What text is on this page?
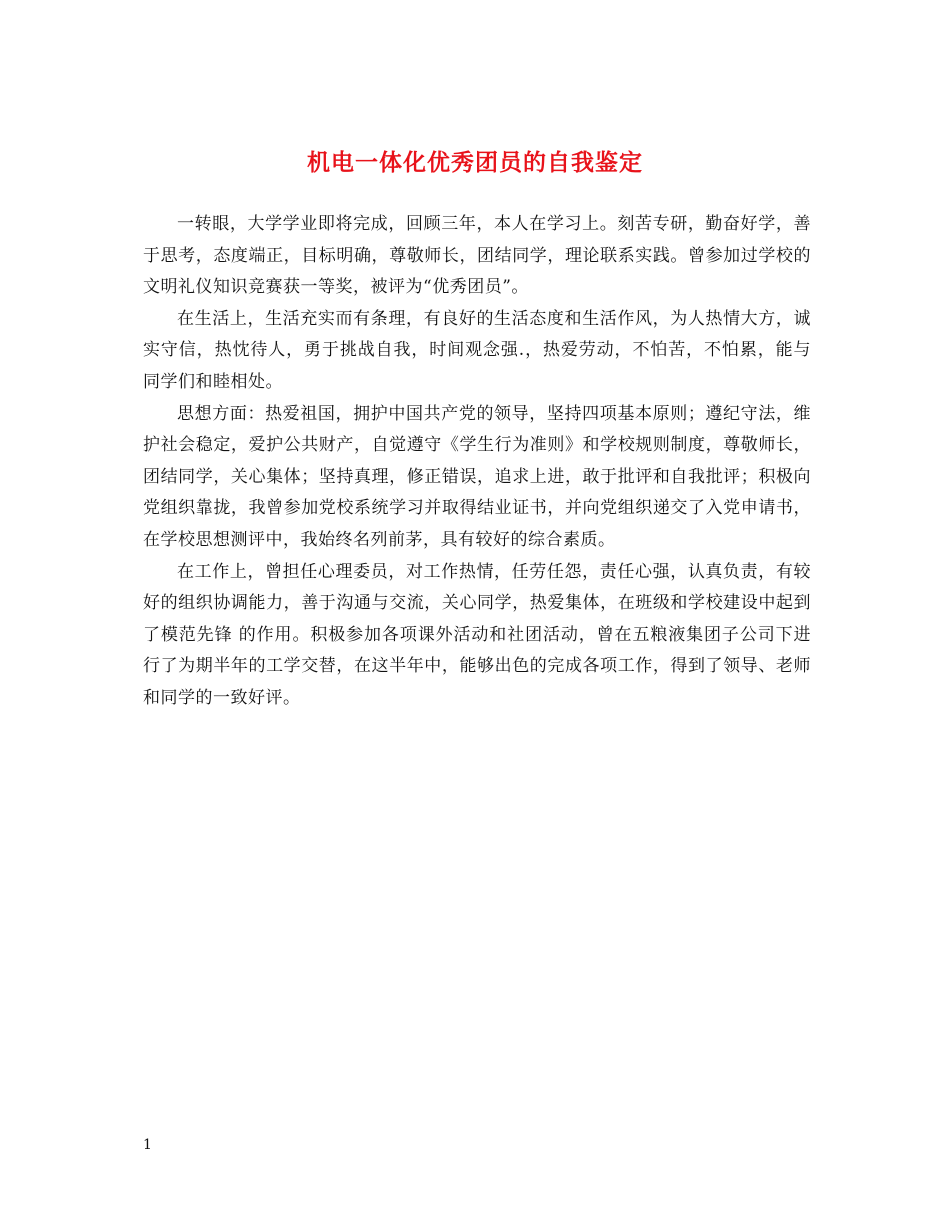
机电一体化优秀团员的自我鉴定

一转眼，大学学业即将完成，回顾三年，本人在学习上。刻苦专研，勤奋好学，善于思考，态度端正，目标明确，尊敬师长，团结同学，理论联系实践。曾参加过学校的文明礼仪知识竞赛获一等奖，被评为“优秀团员”。

在生活上，生活充实而有条理，有良好的生活态度和生活作风，为人热情大方，诚实守信，热忱待人，勇于挑战自我，时间观念强.，热爱劳动，不怕苦，不怕累，能与同学们和睦相处。

思想方面：热爱祖国，拥护中国共产党的领导，坚持四项基本原则；遵纪守法，维护社会稳定，爱护公共财产，自觉遵守《学生行为准则》和学校规则制度，尊敬师长，团结同学，关心集体；坚持真理，修正错误，追求上进，敢于批评和自我批评；积极向党组织靠拢，我曾参加党校系统学习并取得结业证书，并向党组织递交了入党申请书，在学校思想测评中，我始终名列前茅，具有较好的综合素质。

在工作上，曾担任心理委员，对工作热情，任劳任怨，责任心强，认真负责，有较好的组织协调能力，善于沟通与交流，关心同学，热爱集体，在班级和学校建设中起到了模范先锋 的作用。积极参加各项课外活动和社团活动，曾在五粮液集团子公司下进行了为期半年的工学交替，在这半年中，能够出色的完成各项工作，得到了领导、老师和同学的一致好评。

1
